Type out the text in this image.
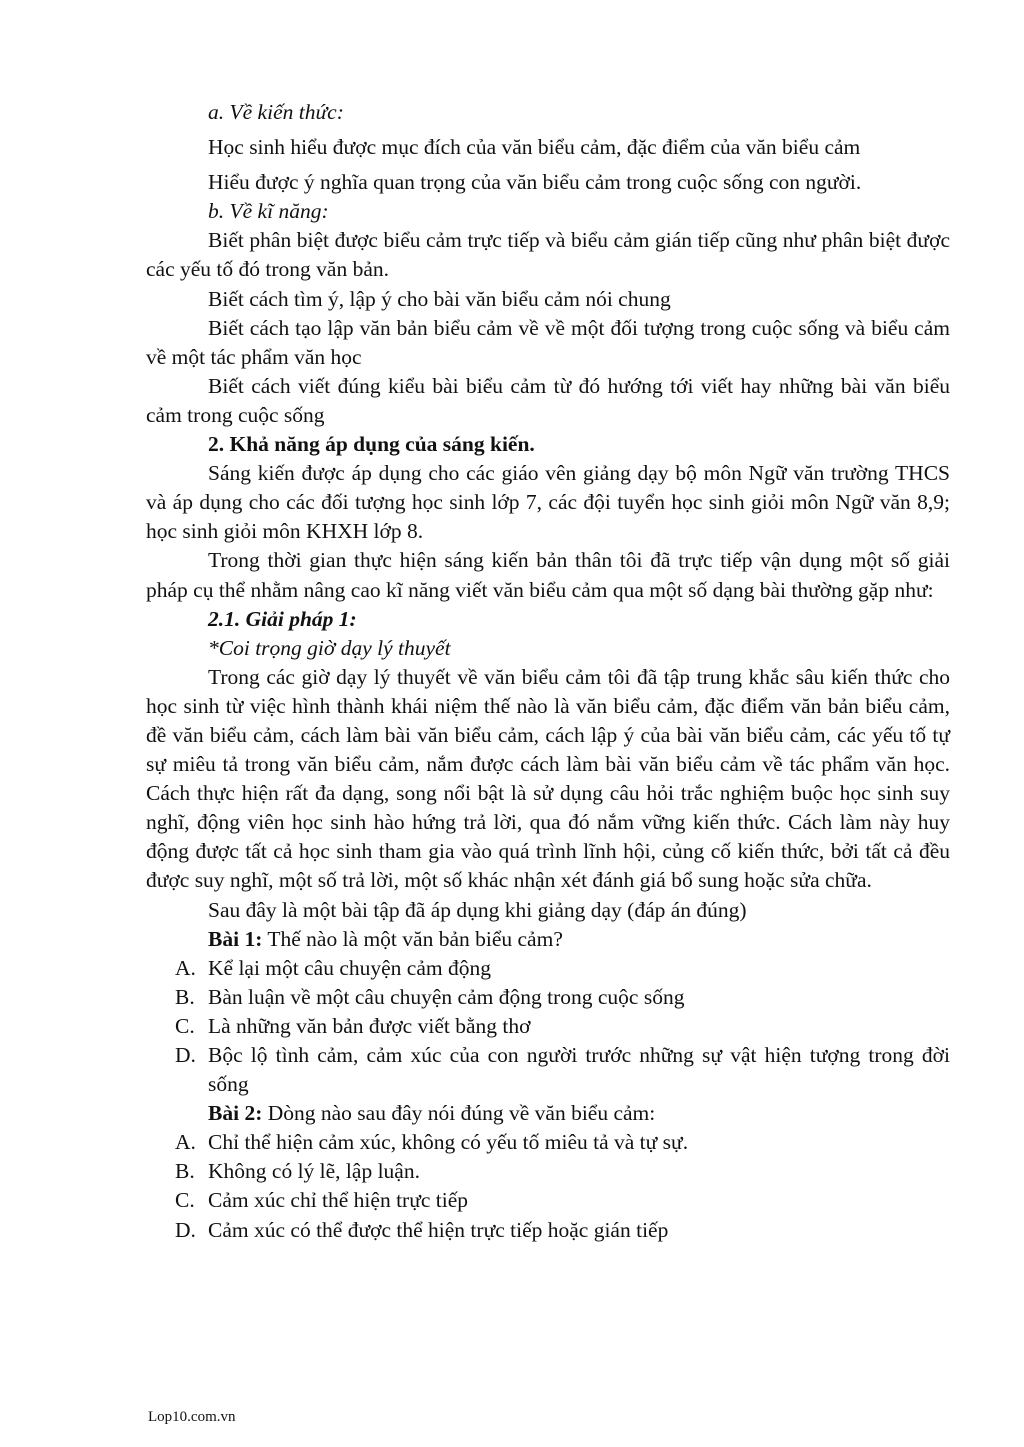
a. Về kiến thức:

Học sinh hiểu được mục đích của văn biểu cảm, đặc điểm của văn biểu cảm

Hiểu được ý nghĩa quan trọng của văn biểu cảm trong cuộc sống con người.

b. Về kĩ năng:

Biết phân biệt được biểu cảm trực tiếp và biểu cảm gián tiếp cũng như phân biệt được các yếu tố đó trong văn bản.

Biết cách tìm ý, lập ý cho bài văn biểu cảm nói chung

Biết cách tạo lập văn bản biểu cảm về về một đối tượng trong cuộc sống và biểu cảm về một tác phẩm văn học

Biết cách viết đúng kiểu bài biểu cảm từ đó hướng tới viết hay những bài văn biểu cảm trong cuộc sống

2. Khả năng áp dụng của sáng kiến.

Sáng kiến được áp dụng cho các giáo vên giảng dạy bộ môn Ngữ văn trường THCS và áp dụng cho các đối tượng học sinh lớp 7, các đội tuyển học sinh giỏi môn Ngữ văn 8,9; học sinh giỏi môn KHXH lớp 8.

Trong thời gian thực hiện sáng kiến bản thân tôi đã trực tiếp vận dụng một số giải pháp cụ thể nhằm nâng cao kĩ năng viết văn biểu cảm qua một số dạng bài thường gặp như:

2.1. Giải pháp 1:

*Coi trọng giờ dạy lý thuyết

Trong các giờ dạy lý thuyết về văn biểu cảm tôi đã tập trung khắc sâu kiến thức cho học sinh từ việc hình thành khái niệm thế nào là văn biểu cảm, đặc điểm văn bản biểu cảm, đề văn biểu cảm, cách làm bài văn biểu cảm, cách lập ý của bài văn biểu cảm, các yếu tố tự sự miêu tả trong văn biểu cảm, nắm được cách làm bài văn biểu cảm về tác phẩm văn học. Cách thực hiện rất đa dạng, song nổi bật là sử dụng câu hỏi trắc nghiệm buộc học sinh suy nghĩ, động viên học sinh hào hứng trả lời, qua đó nắm vững kiến thức. Cách làm này huy động được tất cả học sinh tham gia vào quá trình lĩnh hội, củng cố kiến thức, bởi tất cả đều được suy nghĩ, một số trả lời, một số khác nhận xét đánh giá bổ sung hoặc sửa chữa.

Sau đây là một bài tập đã áp dụng khi giảng dạy (đáp án đúng)

Bài 1: Thế nào là một văn bản biểu cảm?

A. Kể lại một câu chuyện cảm động
B. Bàn luận về một câu chuyện cảm động trong cuộc sống
C. Là những văn bản được viết bằng thơ
D. Bộc lộ tình cảm, cảm xúc của con người trước những sự vật hiện tượng trong đời sống

Bài 2: Dòng nào sau đây nói đúng về văn biểu cảm:

A. Chỉ thể hiện cảm xúc, không có yếu tố miêu tả và tự sự.
B. Không có lý lẽ, lập luận.
C. Cảm xúc chỉ thể hiện trực tiếp
D. Cảm xúc có thể được thể hiện trực tiếp hoặc gián tiếp
Lop10.com.vn
